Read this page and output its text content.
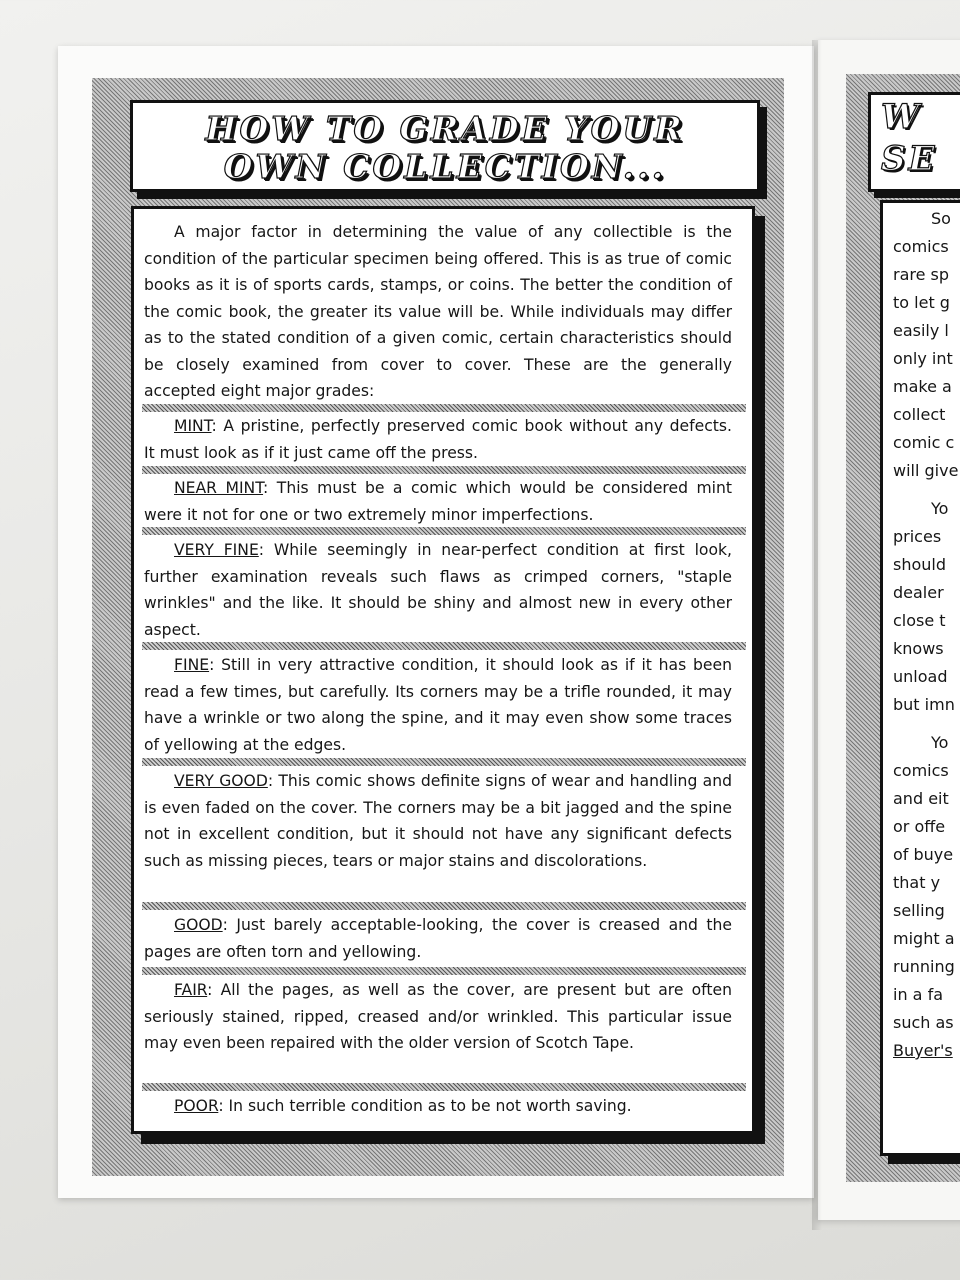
HOW TO GRADE YOUR
OWN COLLECTION...

A major factor in determining the value of any collectible is the condition of the particular specimen being offered. This is as true of comic books as it is of sports cards, stamps, or coins. The better the condition of the comic book, the greater its value will be. While individuals may differ as to the stated condition of a given comic, certain characteristics should be closely examined from cover to cover. These are the generally accepted eight major grades:

MINT: A pristine, perfectly preserved comic book without any defects. It must look as if it just came off the press.

NEAR MINT: This must be a comic which would be considered mint were it not for one or two extremely minor imperfections.

VERY FINE: While seemingly in near-perfect condition at first look, further examination reveals such flaws as crimped corners, "staple wrinkles" and the like. It should be shiny and almost new in every other aspect.

FINE: Still in very attractive condition, it should look as if it has been read a few times, but carefully. Its corners may be a trifle rounded, it may have a wrinkle or two along the spine, and it may even show some traces of yellowing at the edges.

VERY GOOD: This comic shows definite signs of wear and handling and is even faded on the cover. The corners may be a bit jagged and the spine not in excellent condition, but it should not have any significant defects such as missing pieces, tears or major stains and discolorations.

GOOD: Just barely acceptable-looking, the cover is creased and the pages are often torn and yellowing.

FAIR: All the pages, as well as the cover, are present but are often seriously stained, ripped, creased and/or wrinkled. This particular issue may even been repaired with the older version of Scotch Tape.

POOR: In such terrible condition as to be not worth saving.

W
SE
So
comics
rare sp
to let g
easily l
only int
make a
collect
comic c
will give
Yo
prices
should
dealer
close t
knows
unload
but imn
Yo
comics
and eit
or offe
of buye
that y
selling
might a
running
in a fa
such as
Buyer's
